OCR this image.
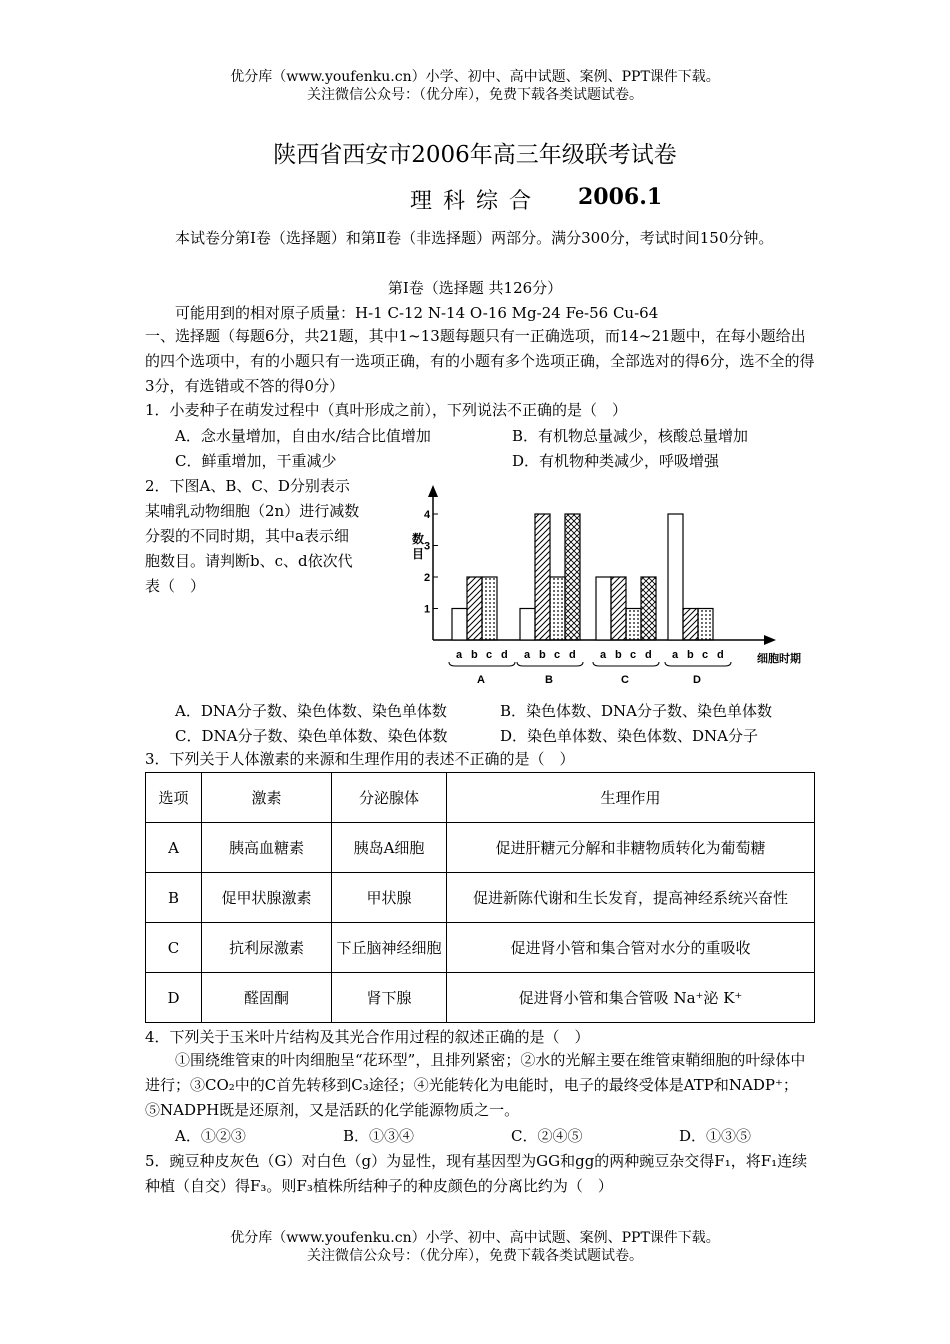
优分库（www.youfenku.cn）小学、初中、高中试题、案例、PPT课件下载。
关注微信公众号：（优分库），免费下载各类试题试卷。
陕西省西安市2006年高三年级联考试卷
理 科 综 合 2006.1
本试卷分第Ⅰ卷（选择题）和第Ⅱ卷（非选择题）两部分。满分300分，考试时间150分钟。
第Ⅰ卷（选择题 共126分）
可能用到的相对原子质量：H-1 C-12 N-14 O-16 Mg-24 Fe-56 Cu-64
一、选择题（每题6分，共21题，其中1~13题每题只有一正确选项，而14~21题中，在每小题给出的四个选项中，有的小题只有一选项正确，有的小题有多个选项正确，全部选对的得6分，选不全的得3分，有选错或不答的得0分）
1．小麦种子在萌发过程中（真叶形成之前），下列说法不正确的是（　）
A．念水量增加，自由水/结合比值增加	B．有机物总量减少，核酸总量增加
C．鲜重增加，干重减少	D．有机物种类减少，呼吸增强
2．下图A、B、C、D分别表示
某哺乳动物细胞（2n）进行减数
分裂的不同时期，其中a表示细
胞数目。请判断b、c、d依次代
表（　）
数
目
细胞时期
1
2
3
4
a b c d
A
a b c d
B
a b c d
C
a b c d
D
A．DNA分子数、染色体数、染色单体数	B．染色体数、DNA分子数、染色单体数
C．DNA分子数、染色单体数、染色体数	D．染色单体数、染色体数、DNA分子
3．下列关于人体激素的来源和生理作用的表述不正确的是（　）
选项	激素	分泌腺体	生理作用
A	胰高血糖素	胰岛A细胞	促进肝糖元分解和非糖物质转化为葡萄糖
B	促甲状腺激素	甲状腺	促进新陈代谢和生长发育，提高神经系统兴奋性
C	抗利尿激素	下丘脑神经细胞	促进肾小管和集合管对水分的重吸收
D	醛固酮	肾下腺	促进肾小管和集合管吸 Na⁺泌 K⁺
4．下列关于玉米叶片结构及其光合作用过程的叙述正确的是（　）
①围绕维管束的叶肉细胞呈“花环型”，且排列紧密；②水的光解主要在维管束鞘细胞的叶绿体中进行；③CO₂中的C首先转移到C₃途径；④光能转化为电能时，电子的最终受体是ATP和NADP⁺；⑤NADPH既是还原剂，又是活跃的化学能源物质之一。
A．①②③	B．①③④	C．②④⑤	D．①③⑤
5．豌豆种皮灰色（G）对白色（g）为显性，现有基因型为GG和gg的两种豌豆杂交得F₁，将F₁连续种植（自交）得F₃。则F₃植株所结种子的种皮颜色的分离比约为（　）
优分库（www.youfenku.cn）小学、初中、高中试题、案例、PPT课件下载。
关注微信公众号：（优分库），免费下载各类试题试卷。
